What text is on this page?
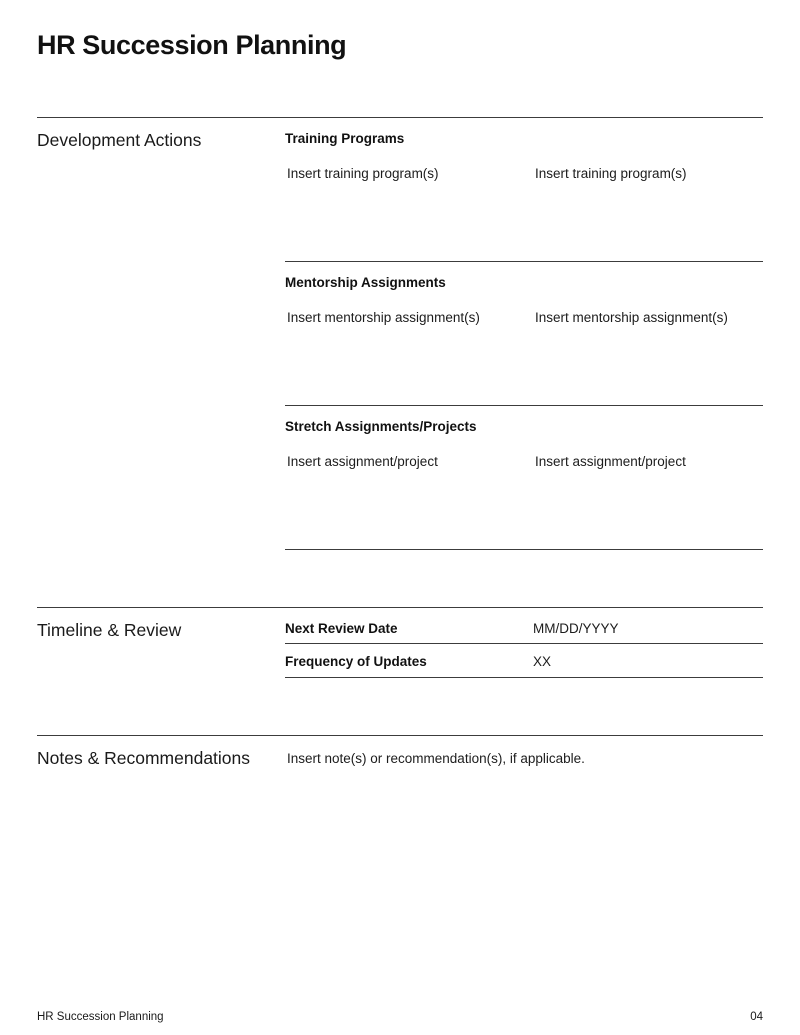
HR Succession Planning
Development Actions	Training Programs
Insert training program(s)	Insert training program(s)
Mentorship Assignments
Insert mentorship assignment(s)	Insert mentorship assignment(s)
Stretch Assignments/Projects
Insert assignment/project	Insert assignment/project
Timeline & Review	Next Review Date	MM/DD/YYYY
Frequency of Updates	XX
Notes & Recommendations	Insert note(s) or recommendation(s), if applicable.
HR Succession Planning	04
